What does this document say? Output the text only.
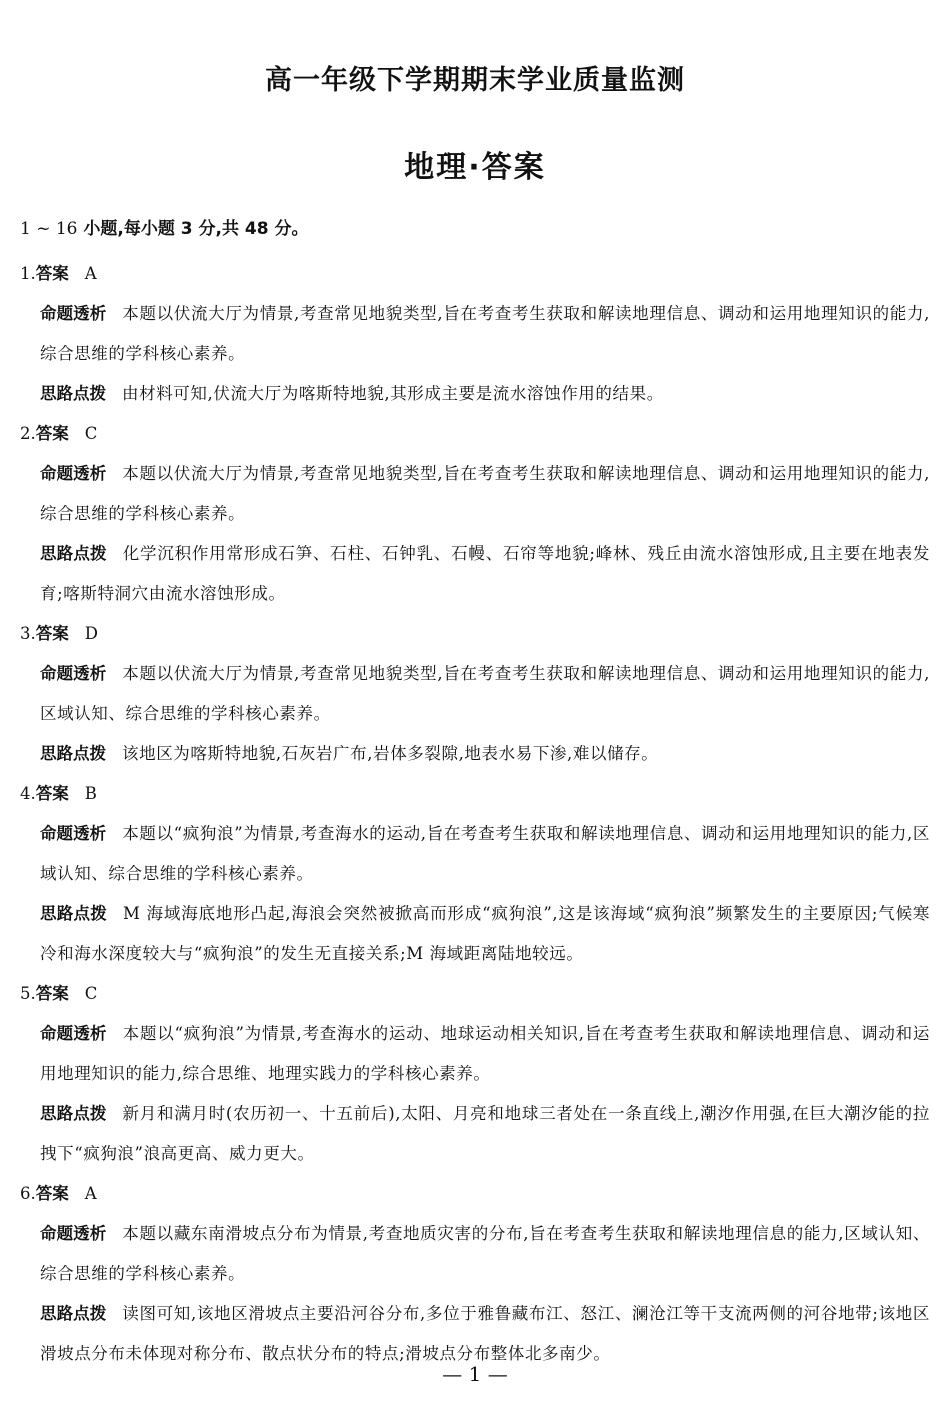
高一年级下学期期末学业质量监测
地理·答案

1 ~ 16 小题,每小题 3 分,共 48 分。

1.答案 A
命题透析 本题以伏流大厅为情景,考查常见地貌类型,旨在考查考生获取和解读地理信息、调动和运用地理知识的能力,综合思维的学科核心素养。
思路点拨 由材料可知,伏流大厅为喀斯特地貌,其形成主要是流水溶蚀作用的结果。
2.答案 C
命题透析 本题以伏流大厅为情景,考查常见地貌类型,旨在考查考生获取和解读地理信息、调动和运用地理知识的能力,综合思维的学科核心素养。
思路点拨 化学沉积作用常形成石笋、石柱、石钟乳、石幔、石帘等地貌;峰林、残丘由流水溶蚀形成,且主要在地表发育;喀斯特洞穴由流水溶蚀形成。
3.答案 D
命题透析 本题以伏流大厅为情景,考查常见地貌类型,旨在考查考生获取和解读地理信息、调动和运用地理知识的能力,区域认知、综合思维的学科核心素养。
思路点拨 该地区为喀斯特地貌,石灰岩广布,岩体多裂隙,地表水易下渗,难以储存。
4.答案 B
命题透析 本题以“疯狗浪”为情景,考查海水的运动,旨在考查考生获取和解读地理信息、调动和运用地理知识的能力,区域认知、综合思维的学科核心素养。
思路点拨 M 海域海底地形凸起,海浪会突然被掀高而形成“疯狗浪”,这是该海域“疯狗浪”频繁发生的主要原因;气候寒冷和海水深度较大与“疯狗浪”的发生无直接关系;M 海域距离陆地较远。
5.答案 C
命题透析 本题以“疯狗浪”为情景,考查海水的运动、地球运动相关知识,旨在考查考生获取和解读地理信息、调动和运用地理知识的能力,综合思维、地理实践力的学科核心素养。
思路点拨 新月和满月时(农历初一、十五前后),太阳、月亮和地球三者处在一条直线上,潮汐作用强,在巨大潮汐能的拉拽下“疯狗浪”浪高更高、威力更大。
6.答案 A
命题透析 本题以藏东南滑坡点分布为情景,考查地质灾害的分布,旨在考查考生获取和解读地理信息的能力,区域认知、综合思维的学科核心素养。
思路点拨 读图可知,该地区滑坡点主要沿河谷分布,多位于雅鲁藏布江、怒江、澜沧江等干支流两侧的河谷地带;该地区滑坡点分布未体现对称分布、散点状分布的特点;滑坡点分布整体北多南少。
— 1 —
